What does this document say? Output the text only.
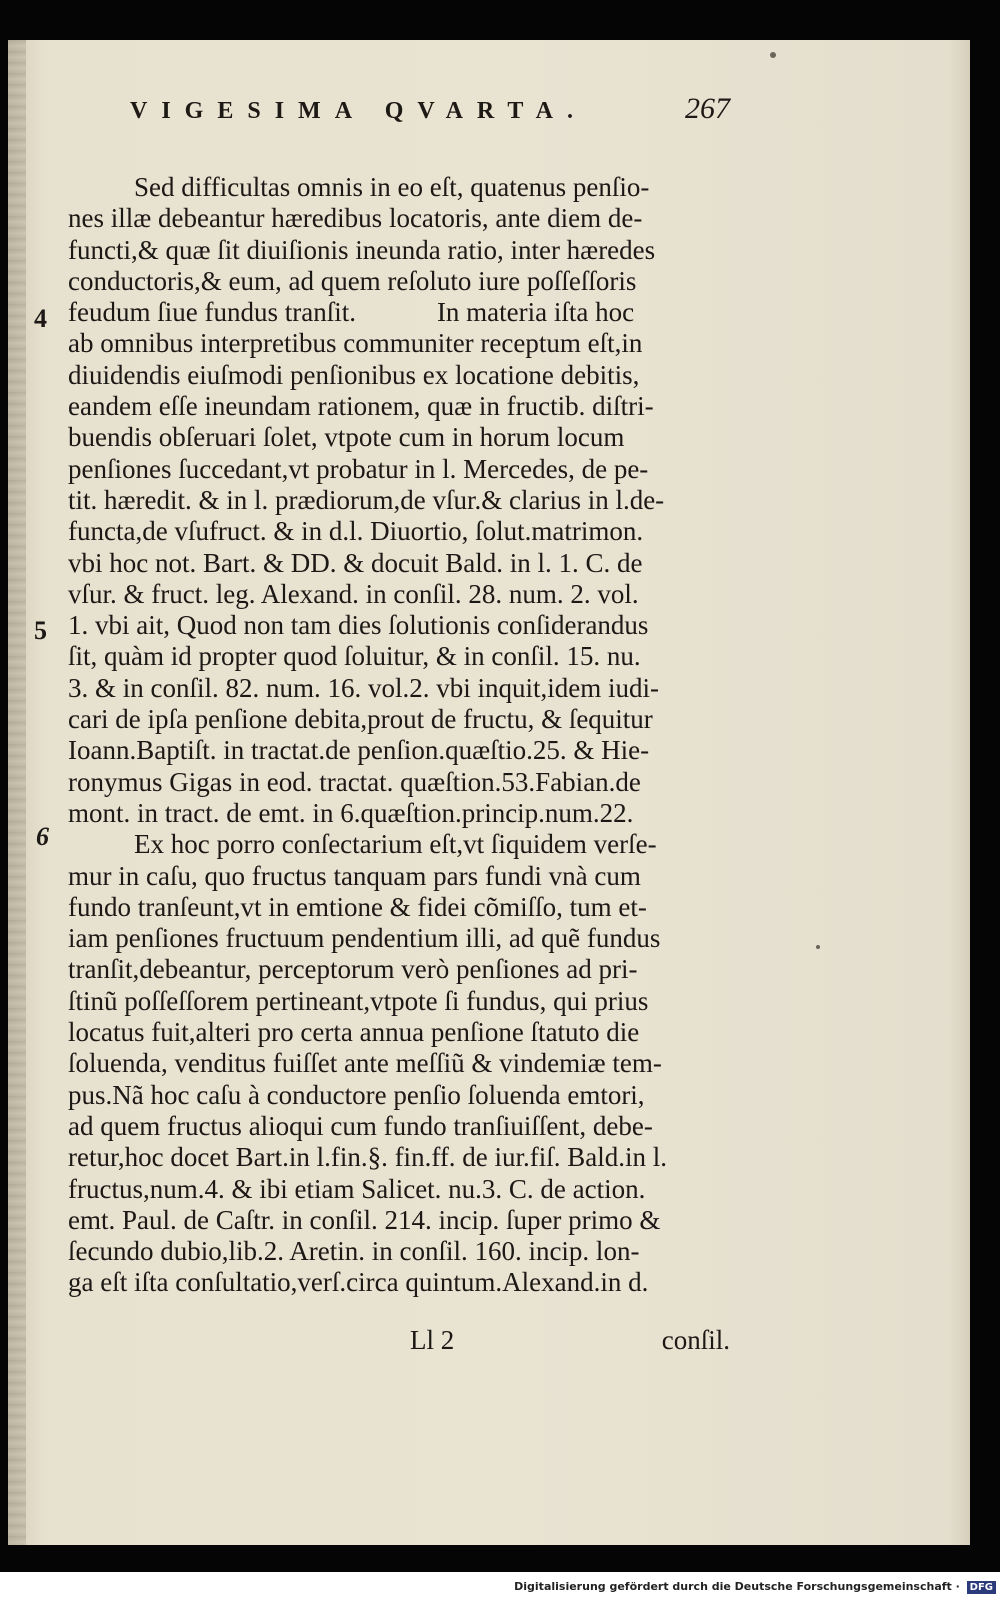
VIGESIMA QVARTA.	267
4
5
6
Sed difficultas omnis in eo eſt, quatenus penſio-
nes illæ debeantur hæredibus locatoris, ante diem de-
functi,& quæ ſit diuiſionis ineunda ratio, inter hæredes
conductoris,& eum, ad quem reſoluto iure poſſeſſoris
feudum ſiue fundus tranſit.            In materia iſta hoc
ab omnibus interpretibus communiter receptum eſt,in
diuidendis eiuſmodi penſionibus ex locatione debitis,
eandem eſſe ineundam rationem, quæ in fructib. diſtri-
buendis obſeruari ſolet, vtpote cum in horum locum
penſiones ſuccedant,vt probatur in l. Mercedes, de pe-
tit. hæredit. & in l. prædiorum,de vſur.& clarius in l.de-
functa,de vſufruct. & in d.l. Diuortio, ſolut.matrimon.
vbi hoc not. Bart. & DD. & docuit Bald. in l. 1. C. de
vſur. & fruct. leg. Alexand. in conſil. 28. num. 2. vol.
1. vbi ait, Quod non tam dies ſolutionis conſiderandus
ſit, quàm id propter quod ſoluitur, & in conſil. 15. nu.
3. & in conſil. 82. num. 16. vol.2. vbi inquit,idem iudi-
cari de ipſa penſione debita,prout de fructu, & ſequitur
Ioann.Baptiſt. in tractat.de penſion.quæſtio.25. & Hie-
ronymus Gigas in eod. tractat. quæſtion.53.Fabian.de
mont. in tract. de emt. in 6.quæſtion.princip.num.22.
Ex hoc porro conſectarium eſt,vt ſiquidem verſe-
mur in caſu, quo fructus tanquam pars fundi vnà cum
fundo tranſeunt,vt in emtione & fidei cõmiſſo, tum et-
iam penſiones fructuum pendentium illi, ad quẽ fundus
tranſit,debeantur, perceptorum verò penſiones ad pri-
ſtinũ poſſeſſorem pertineant,vtpote ſi fundus, qui prius
locatus fuit,alteri pro certa annua penſione ſtatuto die
ſoluenda, venditus fuiſſet ante meſſiũ & vindemiæ tem-
pus.Nã hoc caſu à conductore penſio ſoluenda emtori,
ad quem fructus alioqui cum fundo tranſiuiſſent, debe-
retur,hoc docet Bart.in l.fin.§. fin.ff. de iur.fiſ. Bald.in l.
fructus,num.4. & ibi etiam Salicet. nu.3. C. de action.
emt. Paul. de Caſtr. in conſil. 214. incip. ſuper primo &
ſecundo dubio,lib.2. Aretin. in conſil. 160. incip. lon-
ga eſt iſta conſultatio,verſ.circa quintum.Alexand.in d.
Ll 2	conſil.
Digitalisierung gefördert durch die Deutsche Forschungsgemeinschaft · DFG
